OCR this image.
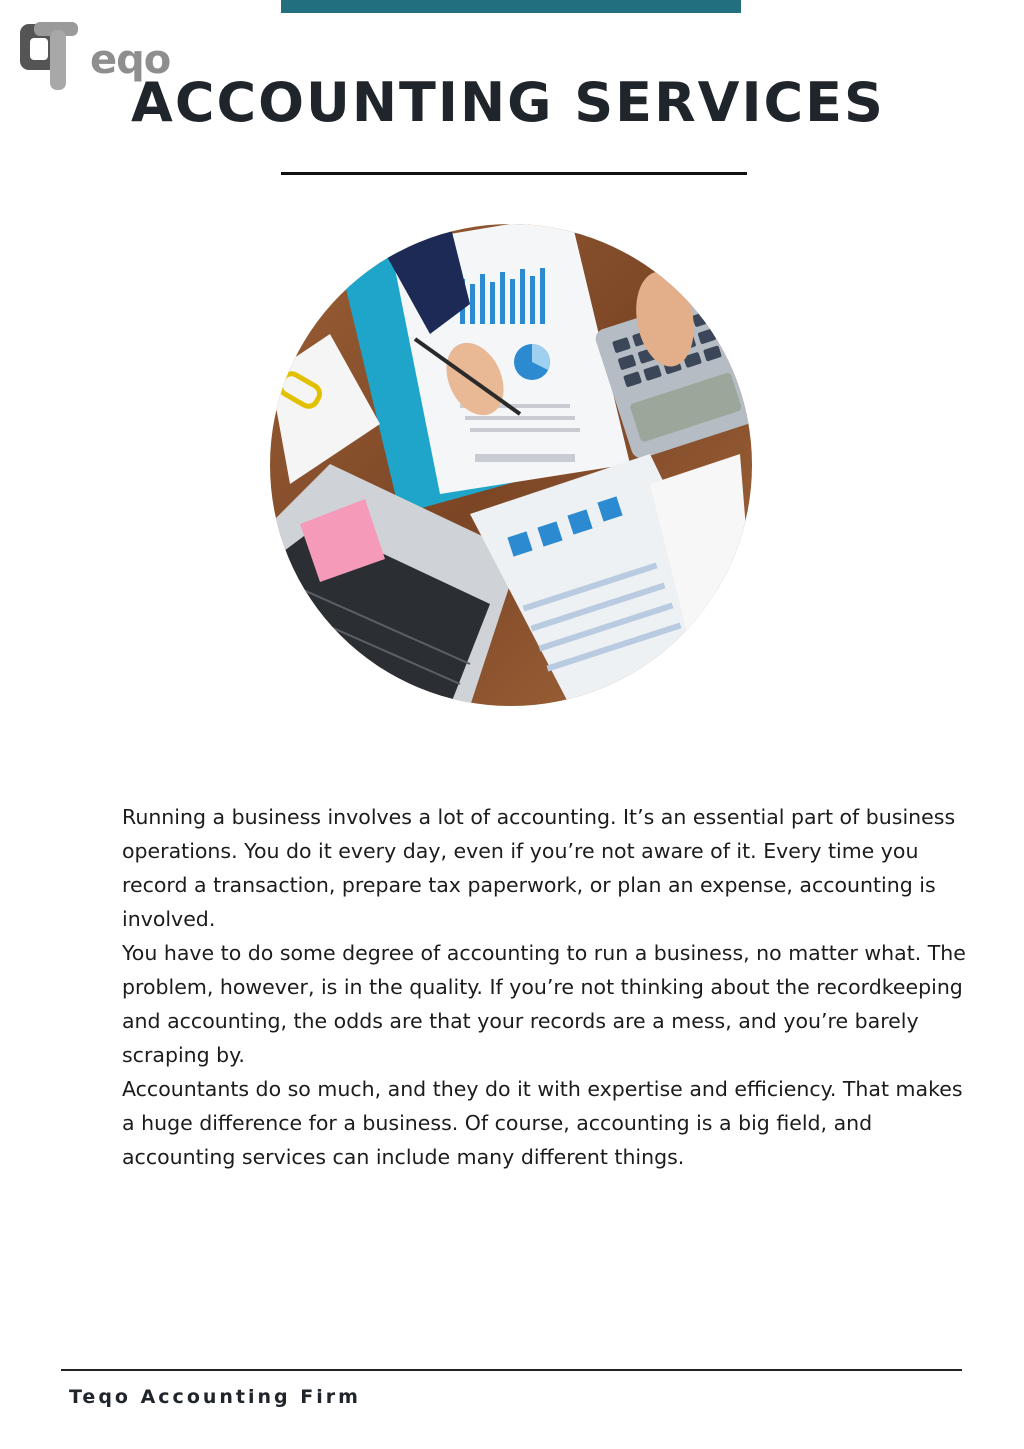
eqo
ACCOUNTING SERVICES

Running a business involves a lot of accounting. It’s an essential part of business operations. You do it every day, even if you’re not aware of it. Every time you record a transaction, prepare tax paperwork, or plan an expense, accounting is involved.

You have to do some degree of accounting to run a business, no matter what. The problem, however, is in the quality. If you’re not thinking about the recordkeeping and accounting, the odds are that your records are a mess, and you’re barely scraping by.

Accountants do so much, and they do it with expertise and efficiency. That makes a huge difference for a business. Of course, accounting is a big field, and accounting services can include many different things.

Teqo Accounting Firm
